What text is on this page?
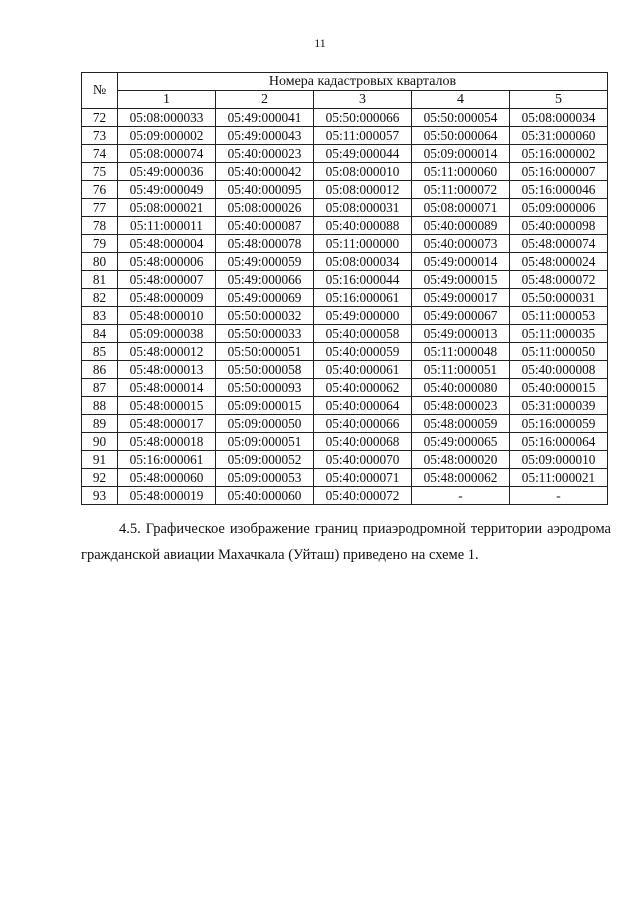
11
№	Номера кадастровых кварталов				
	1	2	3	4	5
72	05:08:000033	05:49:000041	05:50:000066	05:50:000054	05:08:000034
73	05:09:000002	05:49:000043	05:11:000057	05:50:000064	05:31:000060
74	05:08:000074	05:40:000023	05:49:000044	05:09:000014	05:16:000002
75	05:49:000036	05:40:000042	05:08:000010	05:11:000060	05:16:000007
76	05:49:000049	05:40:000095	05:08:000012	05:11:000072	05:16:000046
77	05:08:000021	05:08:000026	05:08:000031	05:08:000071	05:09:000006
78	05:11:000011	05:40:000087	05:40:000088	05:40:000089	05:40:000098
79	05:48:000004	05:48:000078	05:11:000000	05:40:000073	05:48:000074
80	05:48:000006	05:49:000059	05:08:000034	05:49:000014	05:48:000024
81	05:48:000007	05:49:000066	05:16:000044	05:49:000015	05:48:000072
82	05:48:000009	05:49:000069	05:16:000061	05:49:000017	05:50:000031
83	05:48:000010	05:50:000032	05:49:000000	05:49:000067	05:11:000053
84	05:09:000038	05:50:000033	05:40:000058	05:49:000013	05:11:000035
85	05:48:000012	05:50:000051	05:40:000059	05:11:000048	05:11:000050
86	05:48:000013	05:50:000058	05:40:000061	05:11:000051	05:40:000008
87	05:48:000014	05:50:000093	05:40:000062	05:40:000080	05:40:000015
88	05:48:000015	05:09:000015	05:40:000064	05:48:000023	05:31:000039
89	05:48:000017	05:09:000050	05:40:000066	05:48:000059	05:16:000059
90	05:48:000018	05:09:000051	05:40:000068	05:49:000065	05:16:000064
91	05:16:000061	05:09:000052	05:40:000070	05:48:000020	05:09:000010
92	05:48:000060	05:09:000053	05:40:000071	05:48:000062	05:11:000021
93	05:48:000019	05:40:000060	05:40:000072	-	-

4.5. Графическое изображение границ приаэродромной территории аэродрома гражданской авиации Махачкала (Уйташ) приведено на схеме 1.
